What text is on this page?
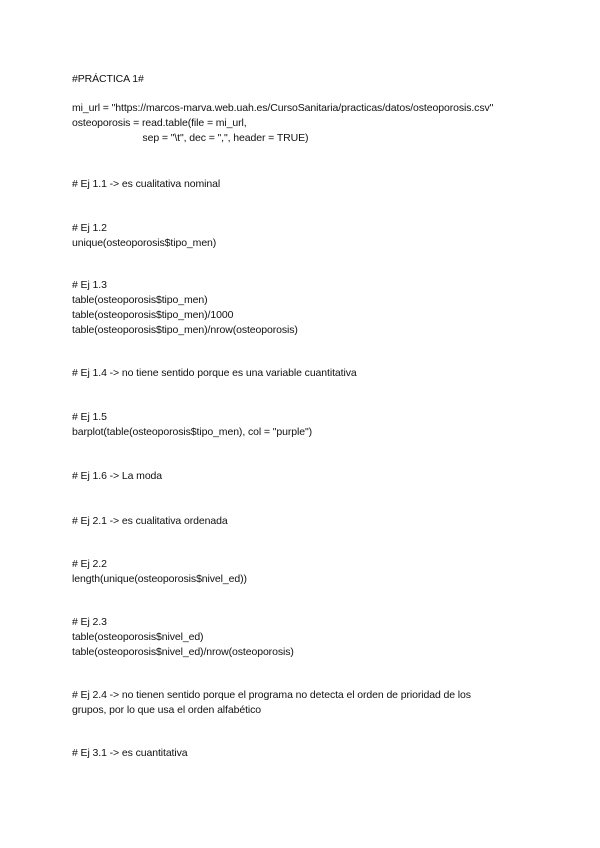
#PRÁCTICA 1#
mi_url = "https://marcos-marva.web.uah.es/CursoSanitaria/practicas/datos/osteoporosis.csv"
osteoporosis = read.table(file = mi_url,
sep = "\t", dec = ",", header = TRUE)
# Ej 1.1 -> es cualitativa nominal
# Ej 1.2
unique(osteoporosis$tipo_men)
# Ej 1.3
table(osteoporosis$tipo_men)
table(osteoporosis$tipo_men)/1000
table(osteoporosis$tipo_men)/nrow(osteoporosis)
# Ej 1.4 -> no tiene sentido porque es una variable cuantitativa
# Ej 1.5
barplot(table(osteoporosis$tipo_men), col = "purple")
# Ej 1.6 -> La moda
# Ej 2.1 -> es cualitativa ordenada
# Ej 2.2
length(unique(osteoporosis$nivel_ed))
# Ej 2.3
table(osteoporosis$nivel_ed)
table(osteoporosis$nivel_ed)/nrow(osteoporosis)
# Ej 2.4 -> no tienen sentido porque el programa no detecta el orden de prioridad de los
grupos, por lo que usa el orden alfabético
# Ej 3.1 -> es cuantitativa
